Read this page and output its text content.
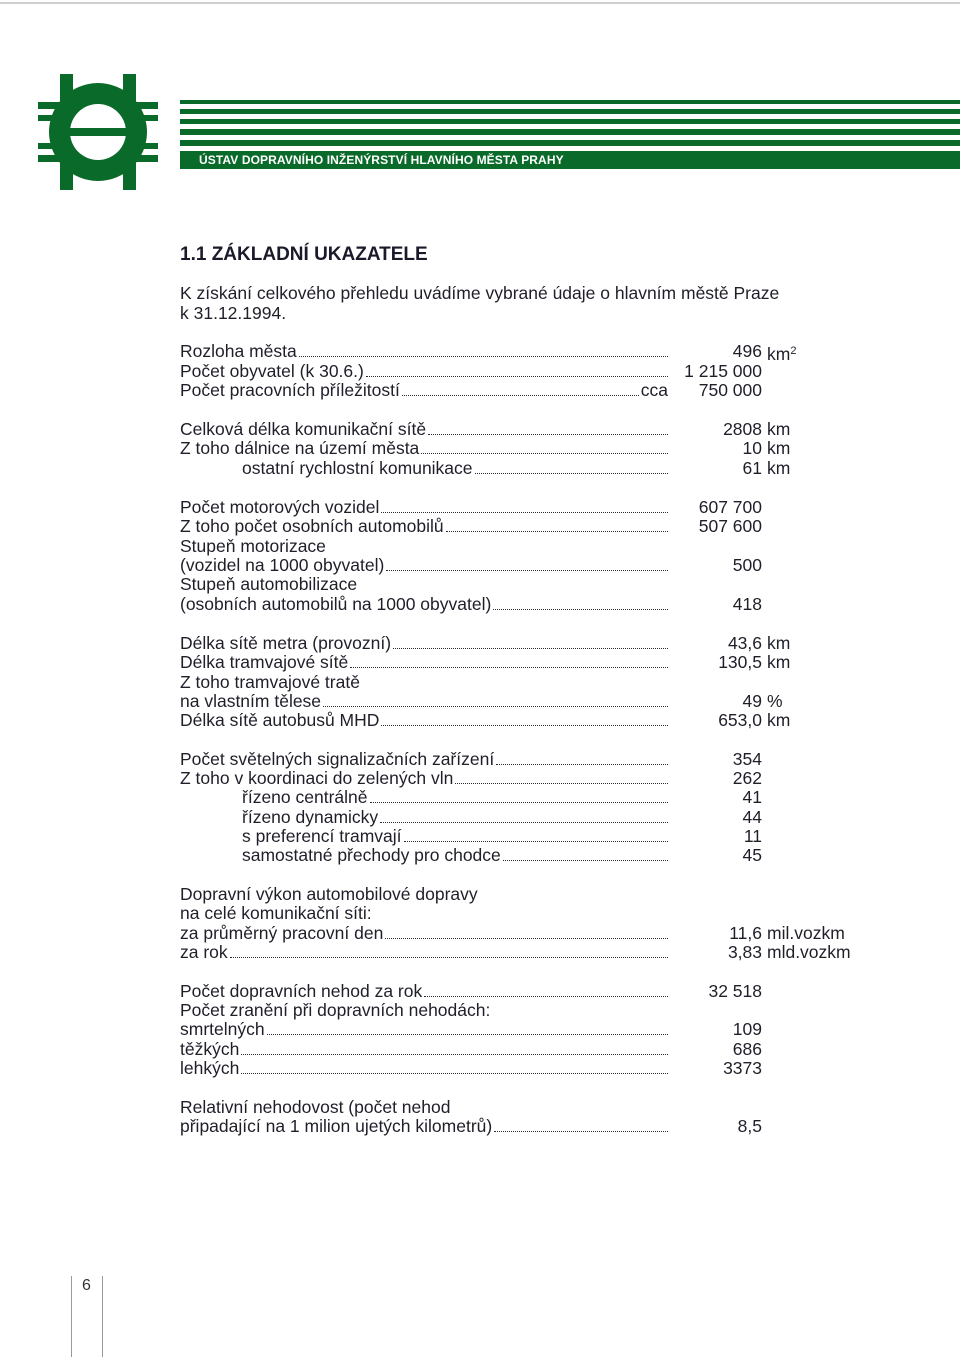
ÚSTAV DOPRAVNÍHO INŽENÝRSTVÍ HLAVNÍHO MĚSTA PRAHY
1.1 ZÁKLADNÍ UKAZATELE
K získání celkového přehledu uvádíme vybrané údaje o hlavním městě Praze
k 31.12.1994.
Rozloha města	496 $km^2$
Počet obyvatel (k 30.6.)	1 215 000
Počet pracovních příležitostí	cca	750 000
Celková délka komunikační sítě	2808 km
Z toho dálnice na území města	10 km
ostatní rychlostní komunikace	61 km
Počet motorových vozidel	607 700
Z toho počet osobních automobilů	507 600
Stupeň motorizace
(vozidel na 1000 obyvatel)	500
Stupeň automobilizace
(osobních automobilů na 1000 obyvatel)	418
Délka sítě metra (provozní)	43,6 km
Délka tramvajové sítě	130,5 km
Z toho tramvajové tratě
na vlastním tělese	49 %
Délka sítě autobusů MHD	653,0 km
Počet světelných signalizačních zařízení	354
Z toho v koordinaci do zelených vln	262
řízeno centrálně	41
řízeno dynamicky	44
s preferencí tramvají	11
samostatné přechody pro chodce	45
Dopravní výkon automobilové dopravy
na celé komunikační síti:
za průměrný pracovní den	11,6 mil.vozkm
za rok	3,83 mld.vozkm
Počet dopravních nehod za rok	32 518
Počet zranění při dopravních nehodách:
smrtelných	109
těžkých	686
lehkých	3373
Relativní nehodovost (počet nehod
připadající na 1 milion ujetých kilometrů)	8,5
6
